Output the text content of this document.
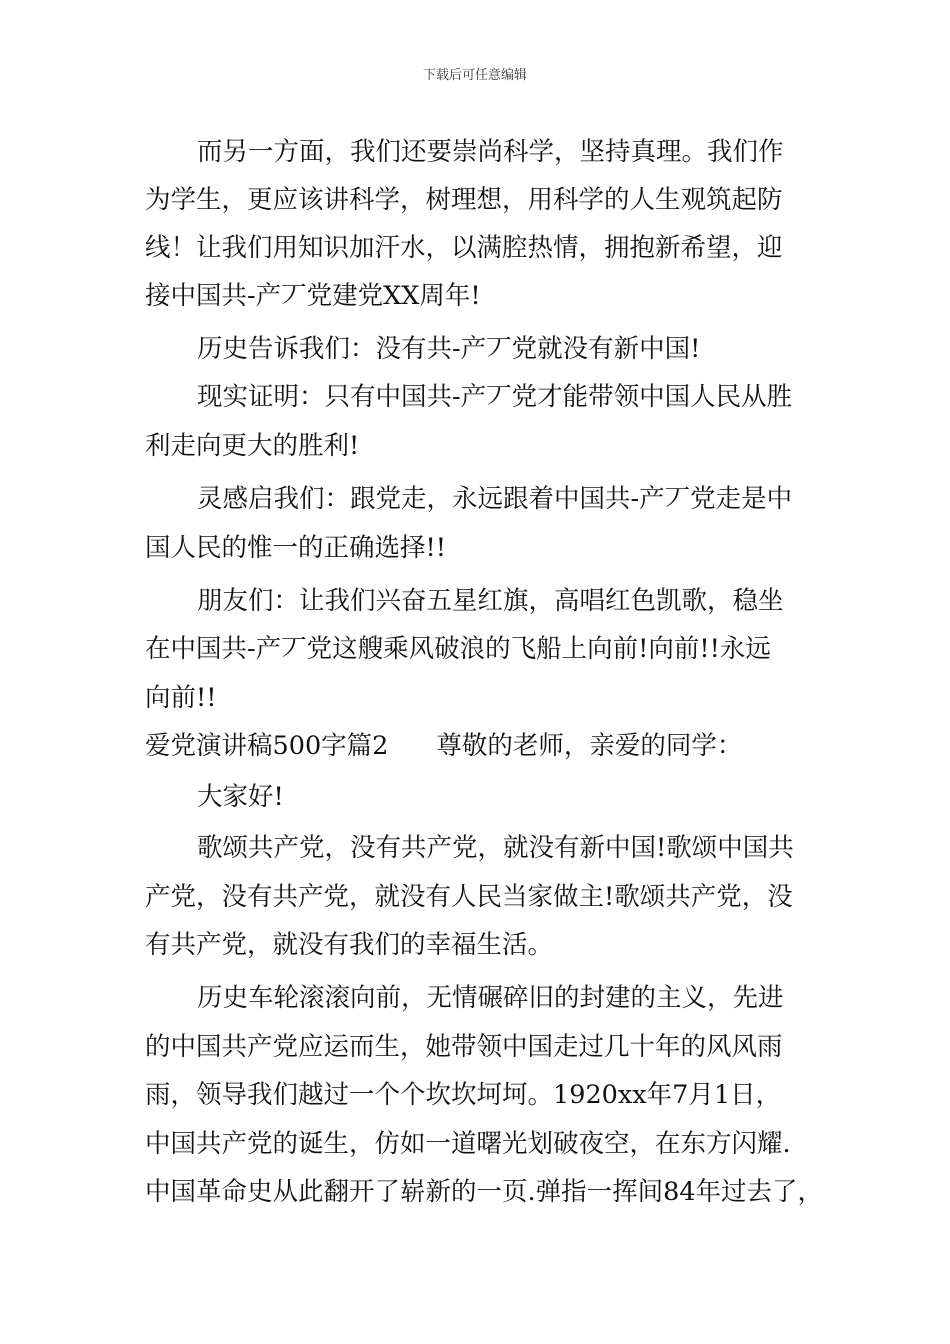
下载后可任意编辑
而另一方面，我们还要崇尚科学，坚持真理。我们作
为学生，更应该讲科学，树理想，用科学的人生观筑起防
线！让我们用知识加汗水，以满腔热情，拥抱新希望，迎
接中国共-产丆党建党XX周年!
历史告诉我们：没有共-产丆党就没有新中国!
现实证明：只有中国共-产丆党才能带领中国人民从胜
利走向更大的胜利!
灵感启我们：跟党走，永远跟着中国共-产丆党走是中
国人民的惟一的正确选择!!
朋友们：让我们兴奋五星红旗，高唱红色凯歌，稳坐
在中国共-产丆党这艘乘风破浪的飞船上向前!向前!!永远
向前!!
爱党演讲稿500字篇2 尊敬的老师，亲爱的同学：
大家好!
歌颂共产党，没有共产党，就没有新中国!歌颂中国共
产党，没有共产党，就没有人民当家做主!歌颂共产党，没
有共产党，就没有我们的幸福生活。
历史车轮滚滚向前，无情碾碎旧的封建的主义，先进
的中国共产党应运而生，她带领中国走过几十年的风风雨
雨，领导我们越过一个个坎坎坷坷。1920xx年7月1日，
中国共产党的诞生，仿如一道曙光划破夜空，在东方闪耀.
中国革命史从此翻开了崭新的一页.弹指一挥间84年过去了，
